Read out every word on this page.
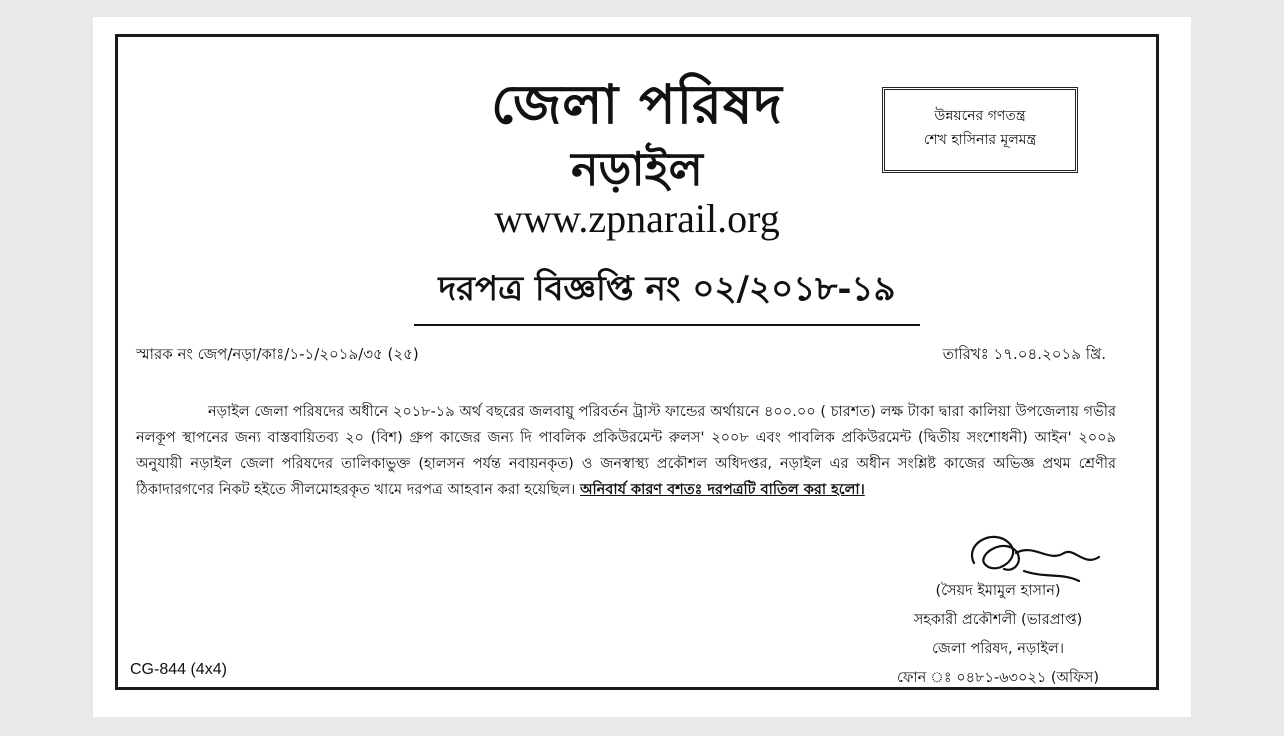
জেলা পরিষদ
নড়াইল
www.zpnarail.org
উন্নয়নের গণতন্ত্র
শেখ হাসিনার মূলমন্ত্র
দরপত্র বিজ্ঞপ্তি নং ০২/২০১৮-১৯
স্মারক নং জেপ/নড়া/কাঃ/১-১/২০১৯/৩৫ (২৫)	তারিখঃ ১৭.০৪.২০১৯ খ্রি.
নড়াইল জেলা পরিষদের অধীনে ২০১৮-১৯ অর্থ বছরের জলবায়ু পরিবর্তন ট্রাস্ট ফান্ডের অর্থায়নে ৪০০.০০ ( চারশত) লক্ষ টাকা দ্বারা কালিয়া উপজেলায় গভীর নলকূপ স্থাপনের জন্য বাস্তবায়িতব্য ২০ (বিশ) গ্রুপ কাজের জন্য দি পাবলিক প্রকিউরমেন্ট রুলস' ২০০৮ এবং পাবলিক প্রকিউরমেন্ট (দ্বিতীয় সংশোধনী) আইন' ২০০৯ অনুযায়ী নড়াইল জেলা পরিষদের তালিকাভুক্ত (হালসন পর্যন্ত নবায়নকৃত) ও জনস্বাস্থ্য প্রকৌশল অধিদপ্তর, নড়াইল এর অধীন সংশ্লিষ্ট কাজের অভিজ্ঞ প্রথম শ্রেণীর ঠিকাদারগণের নিকট হইতে সীলমোহরকৃত খামে দরপত্র আহবান করা হয়েছিল। অনিবার্য কারণ বশতঃ দরপত্রটি বাতিল করা হলো।
(সৈয়দ ইমামুল হাসান)
সহকারী প্রকৌশলী (ভারপ্রাপ্ত)
জেলা পরিষদ, নড়াইল।
ফোন ঃ ০৪৮১-৬৩০২১ (অফিস)
CG-844 (4x4)
